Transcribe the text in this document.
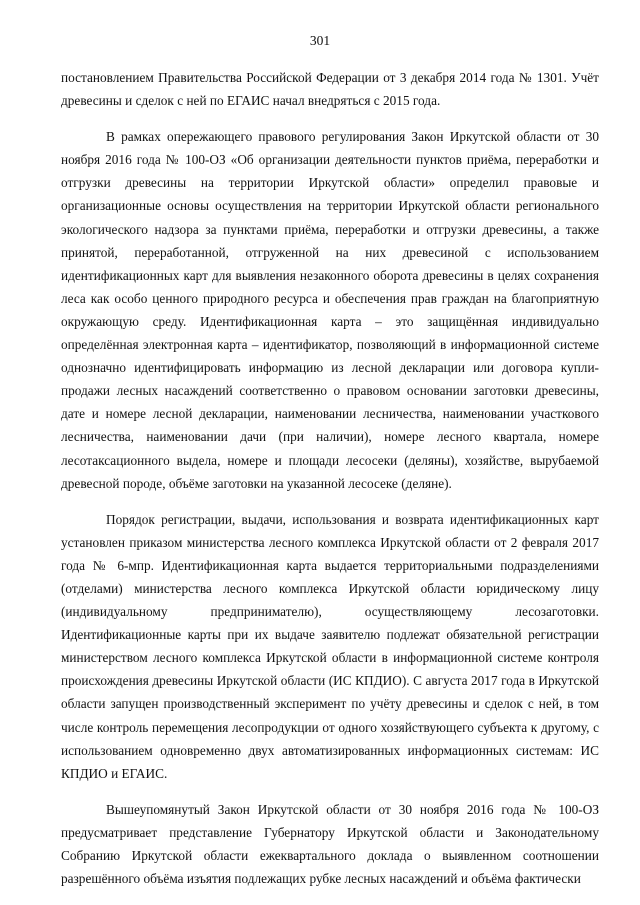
301

постановлением Правительства Российской Федерации от 3 декабря 2014 года № 1301. Учёт древесины и сделок с ней по ЕГАИС начал внедряться с 2015 года.

В рамках опережающего правового регулирования Закон Иркутской области от 30 ноября 2016 года № 100-ОЗ «Об организации деятельности пунктов приёма, переработки и отгрузки древесины на территории Иркутской области» определил правовые и организационные основы осуществления на территории Иркутской области регионального экологического надзора за пунктами приёма, переработки и отгрузки древесины, а также принятой, переработанной, отгруженной на них древесиной с использованием идентификационных карт для выявления незаконного оборота древесины в целях сохранения леса как особо ценного природного ресурса и обеспечения прав граждан на благоприятную окружающую среду. Идентификационная карта – это защищённая индивидуально определённая электронная карта – идентификатор, позволяющий в информационной системе однозначно идентифицировать информацию из лесной декларации или договора купли-продажи лесных насаждений соответственно о правовом основании заготовки древесины, дате и номере лесной декларации, наименовании лесничества, наименовании участкового лесничества, наименовании дачи (при наличии), номере лесного квартала, номере лесотаксационного выдела, номере и площади лесосеки (деляны), хозяйстве, вырубаемой древесной породе, объёме заготовки на указанной лесосеке (деляне).

Порядок регистрации, выдачи, использования и возврата идентификационных карт установлен приказом министерства лесного комплекса Иркутской области от 2 февраля 2017 года № 6-мпр. Идентификационная карта выдается территориальными подразделениями (отделами) министерства лесного комплекса Иркутской области юридическому лицу (индивидуальному предпринимателю), осуществляющему лесозаготовки. Идентификационные карты при их выдаче заявителю подлежат обязательной регистрации министерством лесного комплекса Иркутской области в информационной системе контроля происхождения древесины Иркутской области (ИС КПДИО). С августа 2017 года в Иркутской области запущен производственный эксперимент по учёту древесины и сделок с ней, в том числе контроль перемещения лесопродукции от одного хозяйствующего субъекта к другому, с использованием одновременно двух автоматизированных информационных системам: ИС КПДИО и ЕГАИС.

Вышеупомянутый Закон Иркутской области от 30 ноября 2016 года № 100-ОЗ предусматривает представление Губернатору Иркутской области и Законодательному Собранию Иркутской области ежеквартального доклада о выявленном соотношении разрешённого объёма изъятия подлежащих рубке лесных насаждений и объёма фактически
